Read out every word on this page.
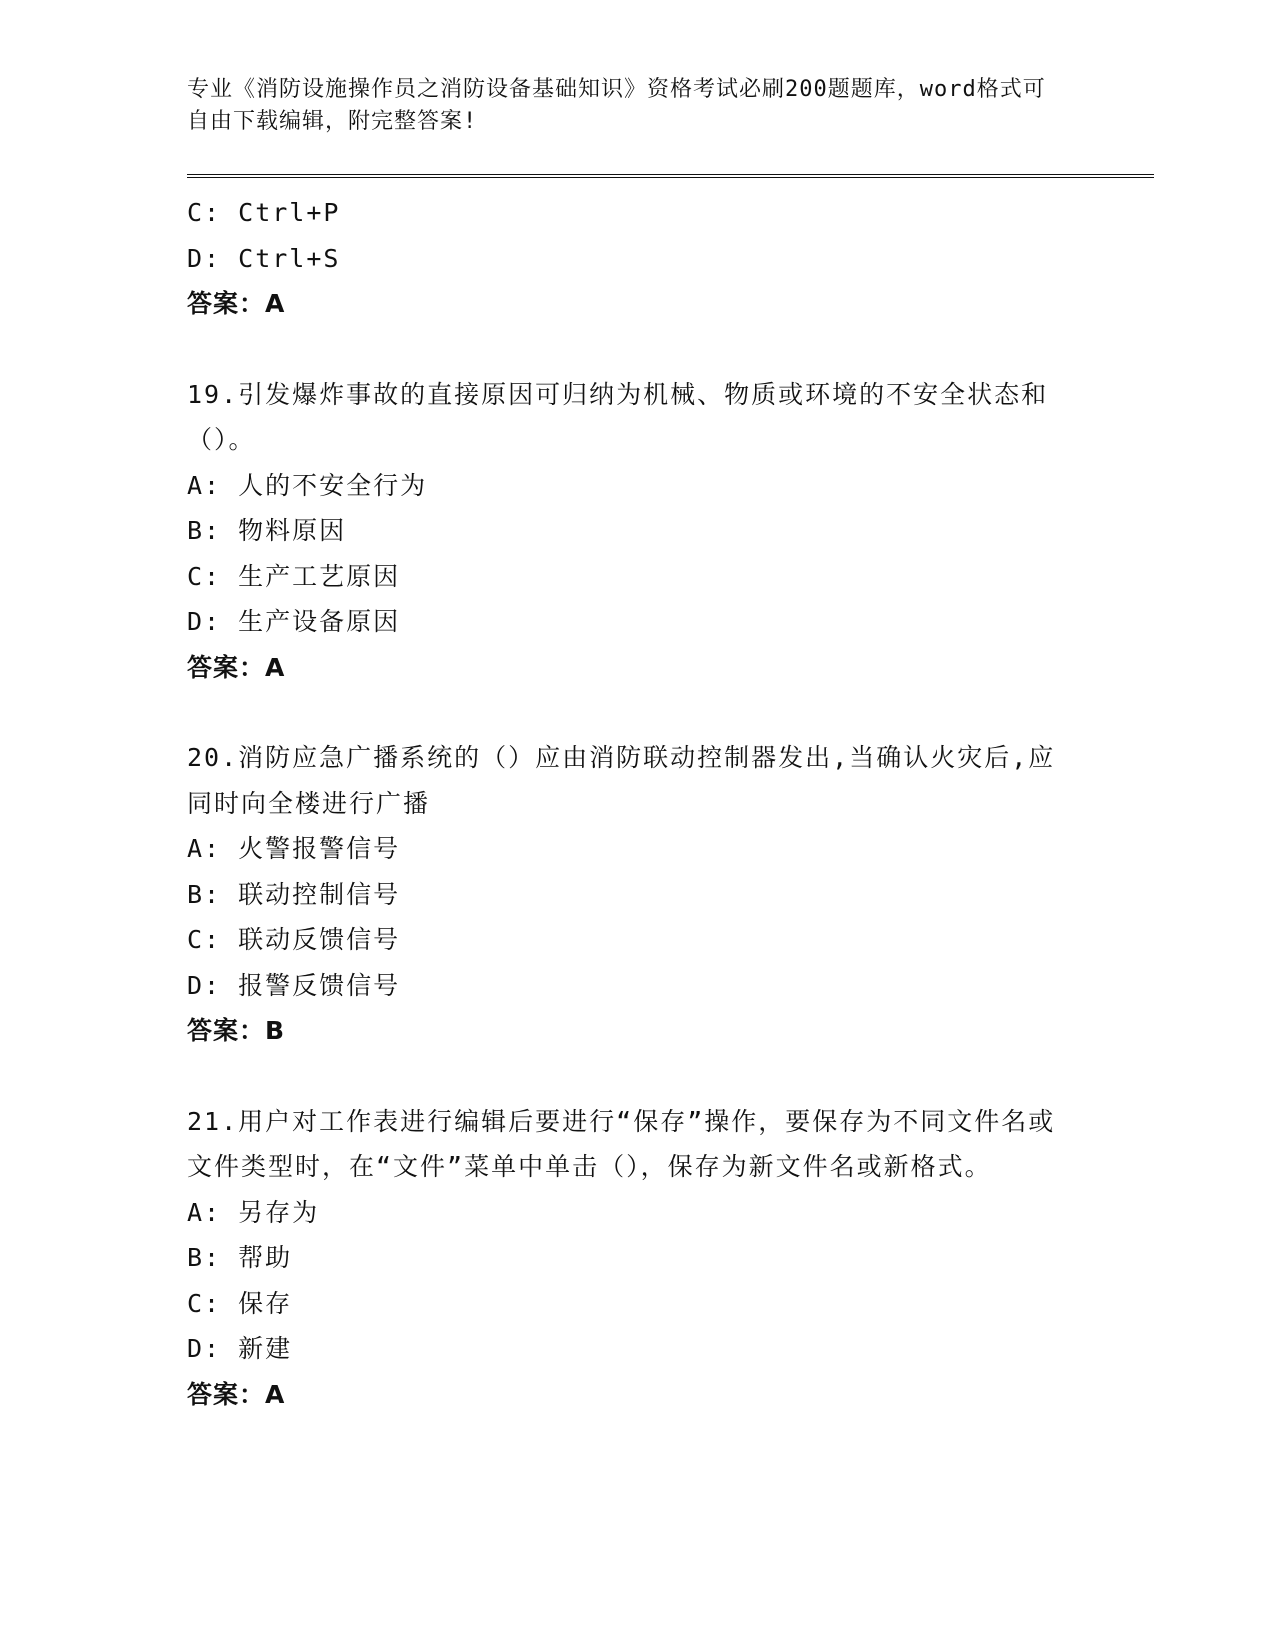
专业《消防设施操作员之消防设备基础知识》资格考试必刷200题题库，word格式可自由下载编辑，附完整答案!

C: Ctrl+P
D: Ctrl+S
答案：A
19.引发爆炸事故的直接原因可归纳为机械、物质或环境的不安全状态和（）。
A: 人的不安全行为
B: 物料原因
C: 生产工艺原因
D: 生产设备原因
答案：A
20.消防应急广播系统的（）应由消防联动控制器发出,当确认火灾后,应同时向全楼进行广播
A: 火警报警信号
B: 联动控制信号
C: 联动反馈信号
D: 报警反馈信号
答案：B
21.用户对工作表进行编辑后要进行“保存”操作，要保存为不同文件名或文件类型时，在“文件”菜单中单击（），保存为新文件名或新格式。
A: 另存为
B: 帮助
C: 保存
D: 新建
答案：A
